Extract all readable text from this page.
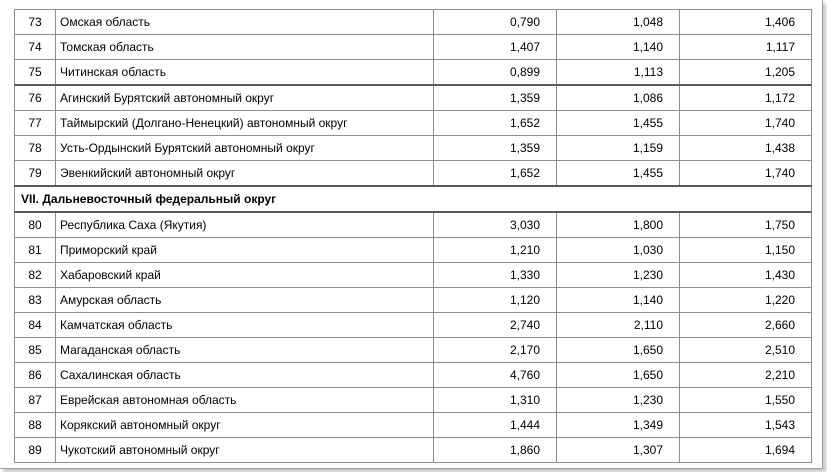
73	Омская область	0,790	1,048	1,406
74	Томская область	1,407	1,140	1,117
75	Читинская область	0,899	1,113	1,205
76	Агинский Бурятский автономный округ	1,359	1,086	1,172
77	Таймырский (Долгано-Ненецкий) автономный округ	1,652	1,455	1,740
78	Усть-Ордынский Бурятский автономный округ	1,359	1,159	1,438
79	Эвенкийский автономный округ	1,652	1,455	1,740
VII. Дальневосточный федеральный округ				
80	Республика Саха (Якутия)	3,030	1,800	1,750
81	Приморский край	1,210	1,030	1,150
82	Хабаровский край	1,330	1,230	1,430
83	Амурская область	1,120	1,140	1,220
84	Камчатская область	2,740	2,110	2,660
85	Магаданская область	2,170	1,650	2,510
86	Сахалинская область	4,760	1,650	2,210
87	Еврейская автономная область	1,310	1,230	1,550
88	Корякский автономный округ	1,444	1,349	1,543
89	Чукотский автономный округ	1,860	1,307	1,694
